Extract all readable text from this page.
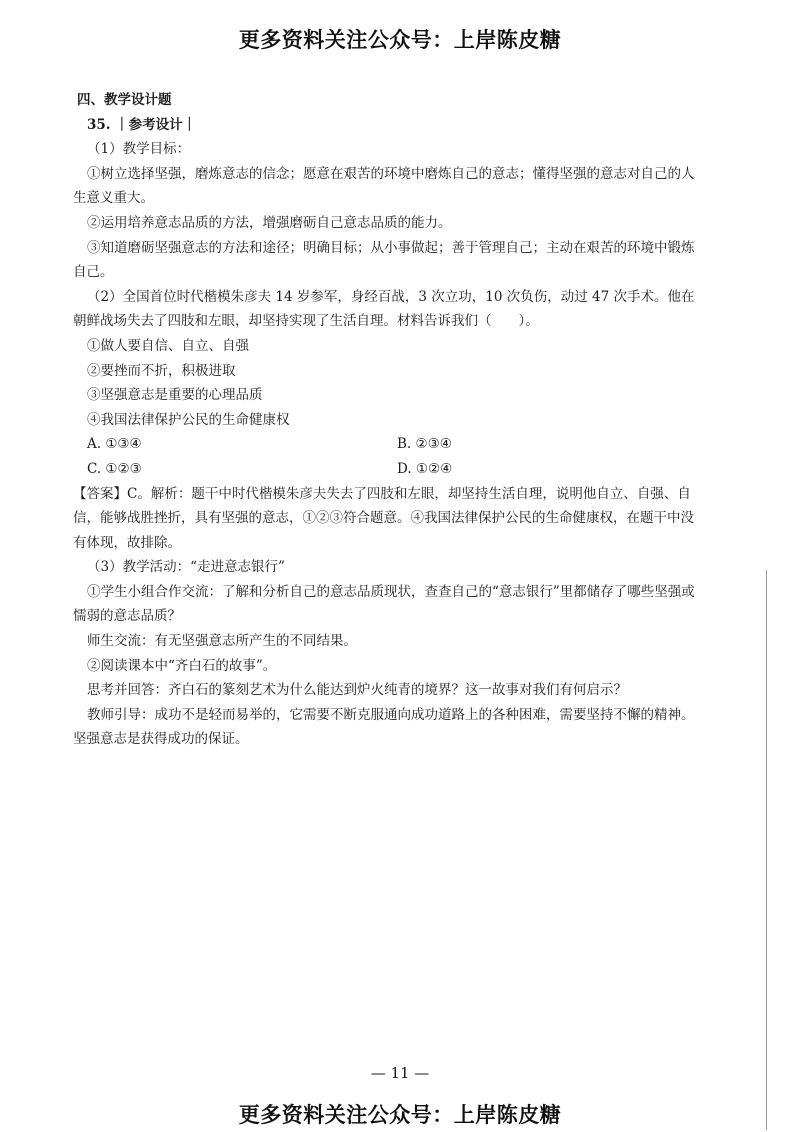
更多资料关注公众号：上岸陈皮糖

四、教学设计题

35. ｜参考设计｜

（1）教学目标：

①树立选择坚强，磨炼意志的信念；愿意在艰苦的环境中磨炼自己的意志；懂得坚强的意志对自己的人生意义重大。

②运用培养意志品质的方法，增强磨砺自己意志品质的能力。

③知道磨砺坚强意志的方法和途径；明确目标；从小事做起；善于管理自己；主动在艰苦的环境中锻炼自己。

（2）全国首位时代楷模朱彦夫 14 岁参军，身经百战，3 次立功，10 次负伤，动过 47 次手术。他在朝鲜战场失去了四肢和左眼，却坚持实现了生活自理。材料告诉我们（　　）。

①做人要自信、自立、自强

②要挫而不折，积极进取

③坚强意志是重要的心理品质

④我国法律保护公民的生命健康权

A. ①③④	B. ②③④
C. ①②③	D. ①②④

【答案】C。解析：题干中时代楷模朱彦夫失去了四肢和左眼，却坚持生活自理，说明他自立、自强、自信，能够战胜挫折，具有坚强的意志，①②③符合题意。④我国法律保护公民的生命健康权，在题干中没有体现，故排除。

（3）教学活动：“走进意志银行”

①学生小组合作交流：了解和分析自己的意志品质现状，查查自己的“意志银行”里都储存了哪些坚强或懦弱的意志品质？

师生交流：有无坚强意志所产生的不同结果。

②阅读课本中“齐白石的故事”。

思考并回答：齐白石的篆刻艺术为什么能达到炉火纯青的境界？这一故事对我们有何启示？

教师引导：成功不是轻而易举的，它需要不断克服通向成功道路上的各种困难，需要坚持不懈的精神。坚强意志是获得成功的保证。

— 11 —
更多资料关注公众号：上岸陈皮糖
